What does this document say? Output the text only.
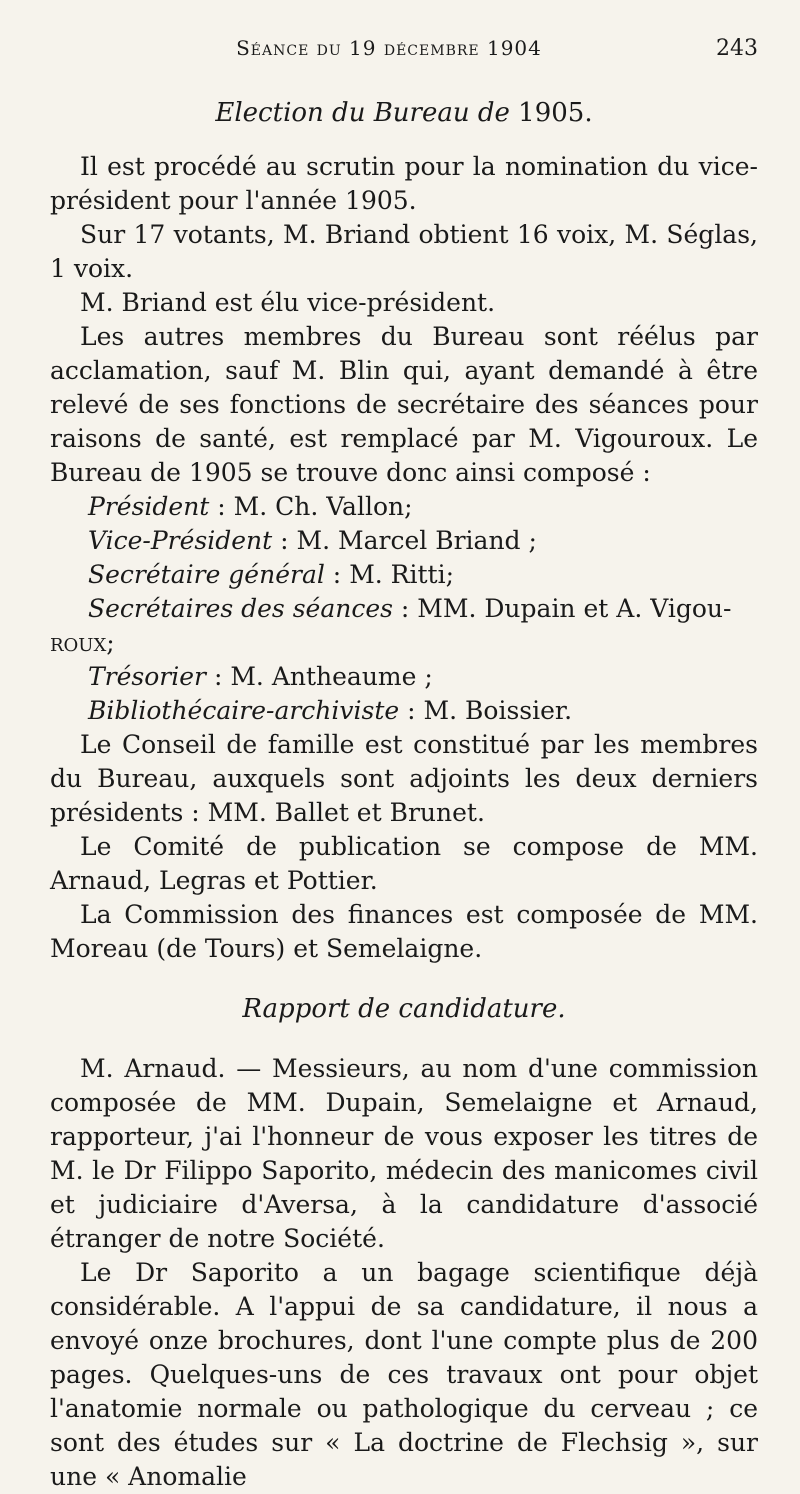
Séance du 19 décembre 1904	243
Election du Bureau de 1905.

Il est procédé au scrutin pour la nomination du vice-président pour l'année 1905.

Sur 17 votants, M. Briand obtient 16 voix, M. Séglas, 1 voix.

M. Briand est élu vice-président.

Les autres membres du Bureau sont réélus par acclamation, sauf M. Blin qui, ayant demandé à être relevé de ses fonctions de secrétaire des séances pour raisons de santé, est remplacé par M. Vigouroux. Le Bureau de 1905 se trouve donc ainsi composé :

Président : M. Ch. Vallon;
Vice-Président : M. Marcel Briand ;
Secrétaire général : M. Ritti;
Secrétaires des séances : MM. Dupain et A. Vigou-
roux;
Trésorier : M. Antheaume ;
Bibliothécaire-archiviste : M. Boissier.

Le Conseil de famille est constitué par les membres du Bureau, auxquels sont adjoints les deux derniers présidents : MM. Ballet et Brunet.

Le Comité de publication se compose de MM. Arnaud, Legras et Pottier.

La Commission des finances est composée de MM. Moreau (de Tours) et Semelaigne.

Rapport de candidature.

M. Arnaud. — Messieurs, au nom d'une commission composée de MM. Dupain, Semelaigne et Arnaud, rapporteur, j'ai l'honneur de vous exposer les titres de M. le Dr Filippo Saporito, médecin des manicomes civil et judiciaire d'Aversa, à la candidature d'associé étranger de notre Société.

Le Dr Saporito a un bagage scientifique déjà considérable. A l'appui de sa candidature, il nous a envoyé onze brochures, dont l'une compte plus de 200 pages. Quelques-uns de ces travaux ont pour objet l'anatomie normale ou pathologique du cerveau ; ce sont des études sur « La doctrine de Flechsig », sur une « Anomalie
